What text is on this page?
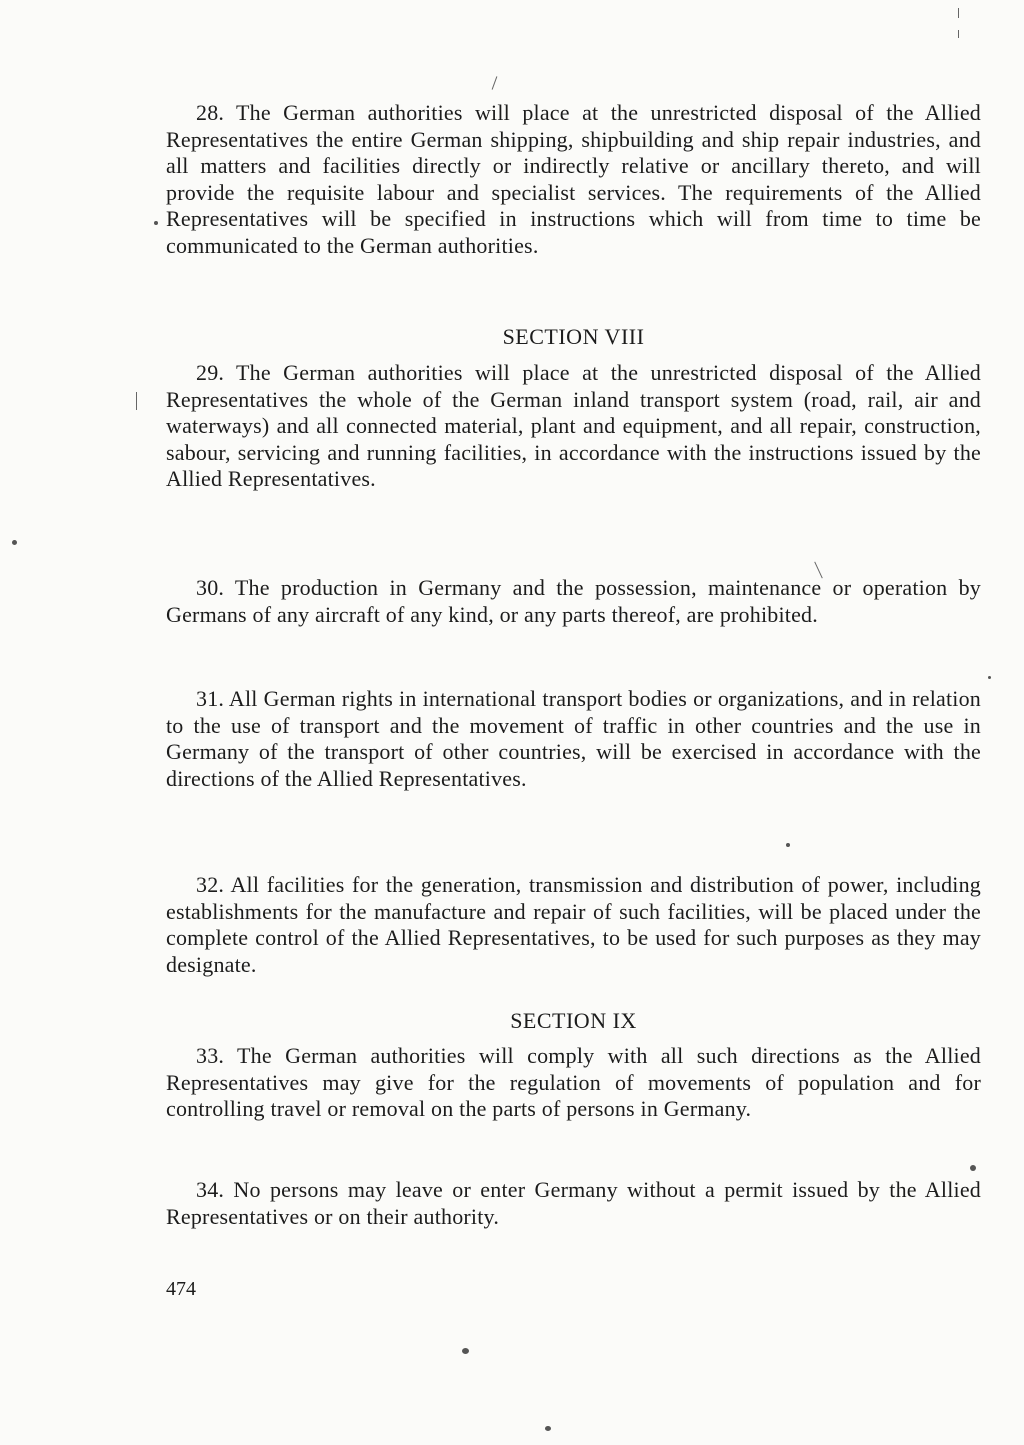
28. The German authorities will place at the unrestricted disposal of the Allied Representatives the entire German shipping, shipbuilding and ship repair industries, and all matters and facilities directly or indirectly relative or ancillary thereto, and will provide the requisite labour and specialist services. The requirements of the Allied Representatives will be specified in instructions which will from time to time be communicated to the German authorities.

SECTION VIII

29. The German authorities will place at the unrestricted disposal of the Allied Representatives the whole of the German inland transport system (road, rail, air and waterways) and all connected material, plant and equipment, and all repair, construction, sabour, servicing and running facilities, in accordance with the instructions issued by the Allied Representatives.

30. The production in Germany and the possession, maintenance or operation by Germans of any aircraft of any kind, or any parts thereof, are prohibited.

31. All German rights in international transport bodies or organizations, and in relation to the use of transport and the movement of traffic in other countries and the use in Germany of the transport of other countries, will be exercised in accordance with the directions of the Allied Representatives.

32. All facilities for the generation, transmission and distribution of power, including establishments for the manufacture and repair of such facilities, will be placed under the complete control of the Allied Representatives, to be used for such purposes as they may designate.

SECTION IX

33. The German authorities will comply with all such directions as the Allied Representatives may give for the regulation of movements of population and for controlling travel or removal on the parts of persons in Germany.

34. No persons may leave or enter Germany without a permit issued by the Allied Representatives or on their authority.

474
